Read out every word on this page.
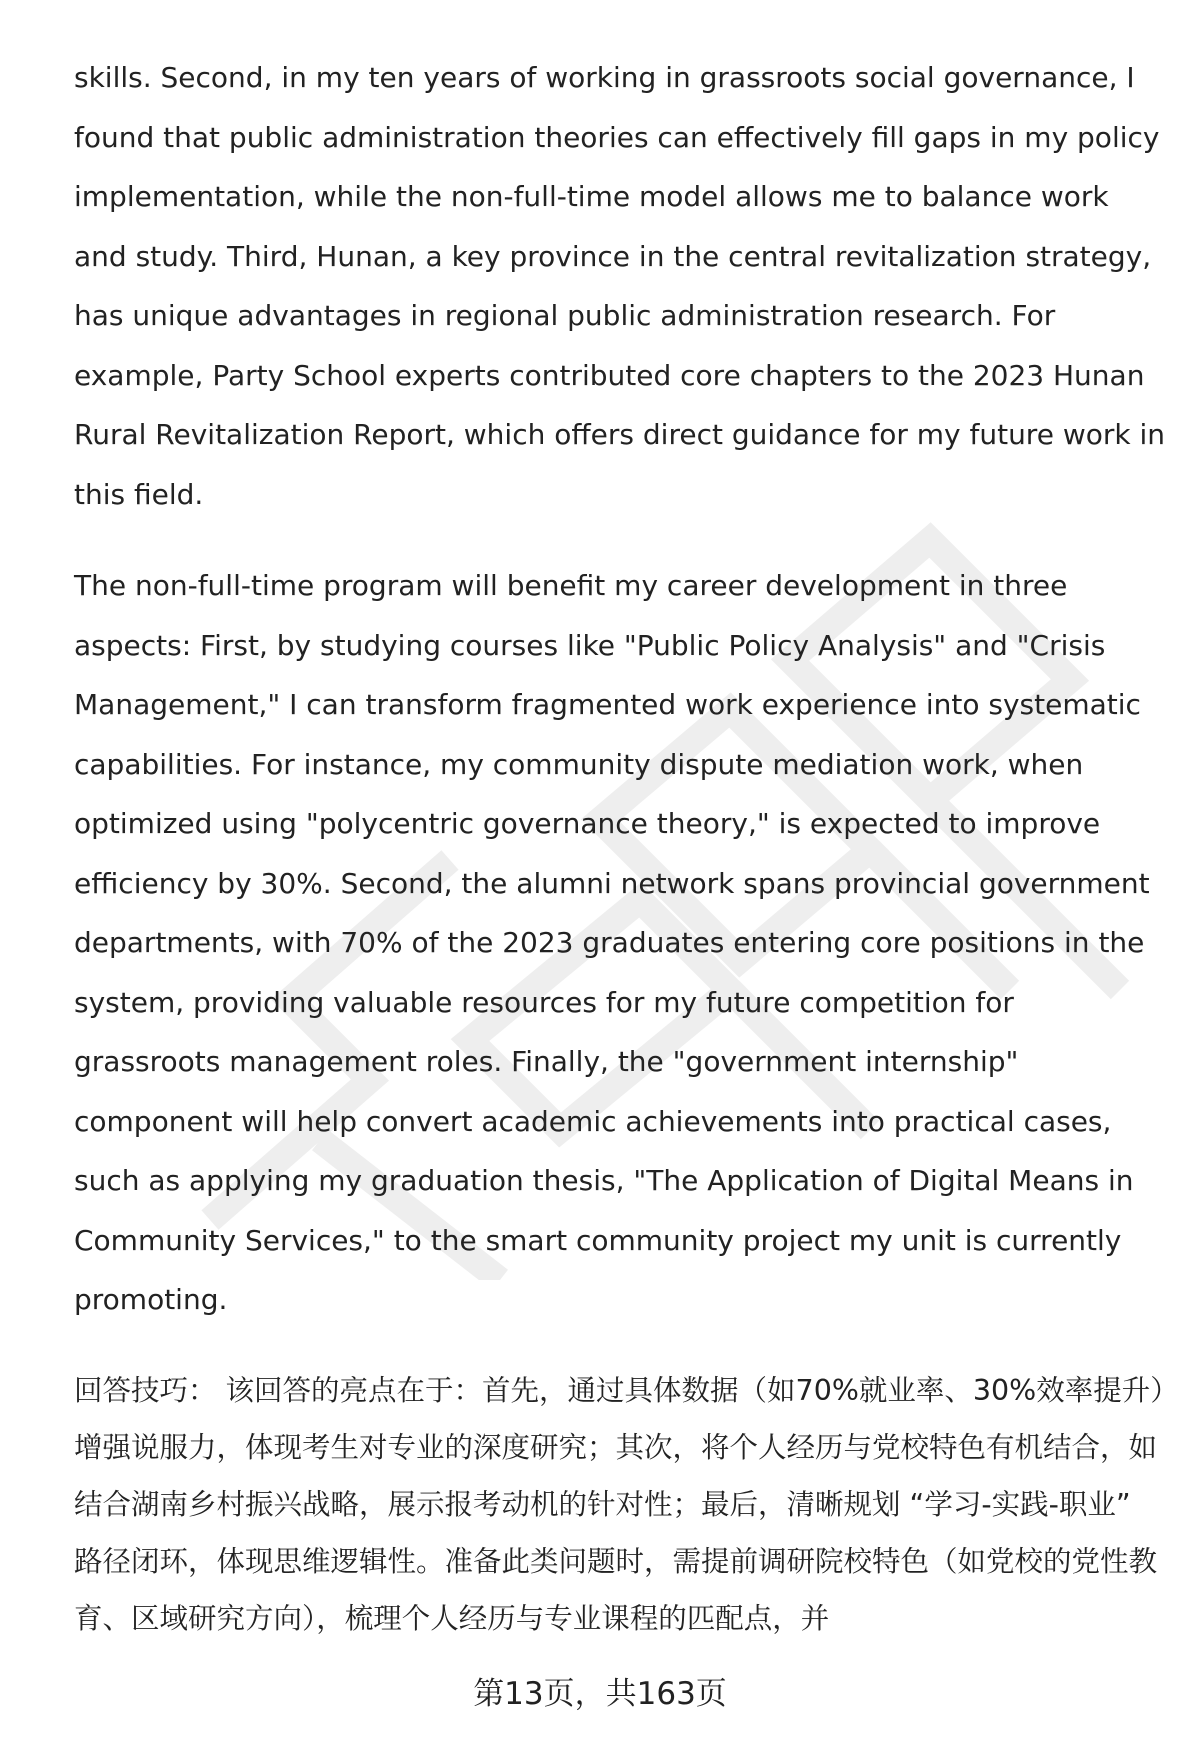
skills. Second, in my ten years of working in grassroots social governance, I found that public administration theories can effectively fill gaps in my policy implementation, while the non-full-time model allows me to balance work and study. Third, Hunan, a key province in the central revitalization strategy, has unique advantages in regional public administration research. For example, Party School experts contributed core chapters to the 2023 Hunan Rural Revitalization Report, which offers direct guidance for my future work in this field.

The non-full-time program will benefit my career development in three aspects: First, by studying courses like "Public Policy Analysis" and "Crisis Management," I can transform fragmented work experience into systematic capabilities. For instance, my community dispute mediation work, when optimized using "polycentric governance theory," is expected to improve efficiency by 30%. Second, the alumni network spans provincial government departments, with 70% of the 2023 graduates entering core positions in the system, providing valuable resources for my future competition for grassroots management roles. Finally, the "government internship" component will help convert academic achievements into practical cases, such as applying my graduation thesis, "The Application of Digital Means in Community Services," to the smart community project my unit is currently promoting.

回答技巧： 该回答的亮点在于：首先，通过具体数据（如70%就业率、30%效率提升）增强说服力，体现考生对专业的深度研究；其次，将个人经历与党校特色有机结合，如结合湖南乡村振兴战略，展示报考动机的针对性；最后，清晰规划 “学习-实践-职业” 路径闭环，体现思维逻辑性。准备此类问题时，需提前调研院校特色（如党校的党性教育、区域研究方向），梳理个人经历与专业课程的匹配点，并

第13页，共163页
